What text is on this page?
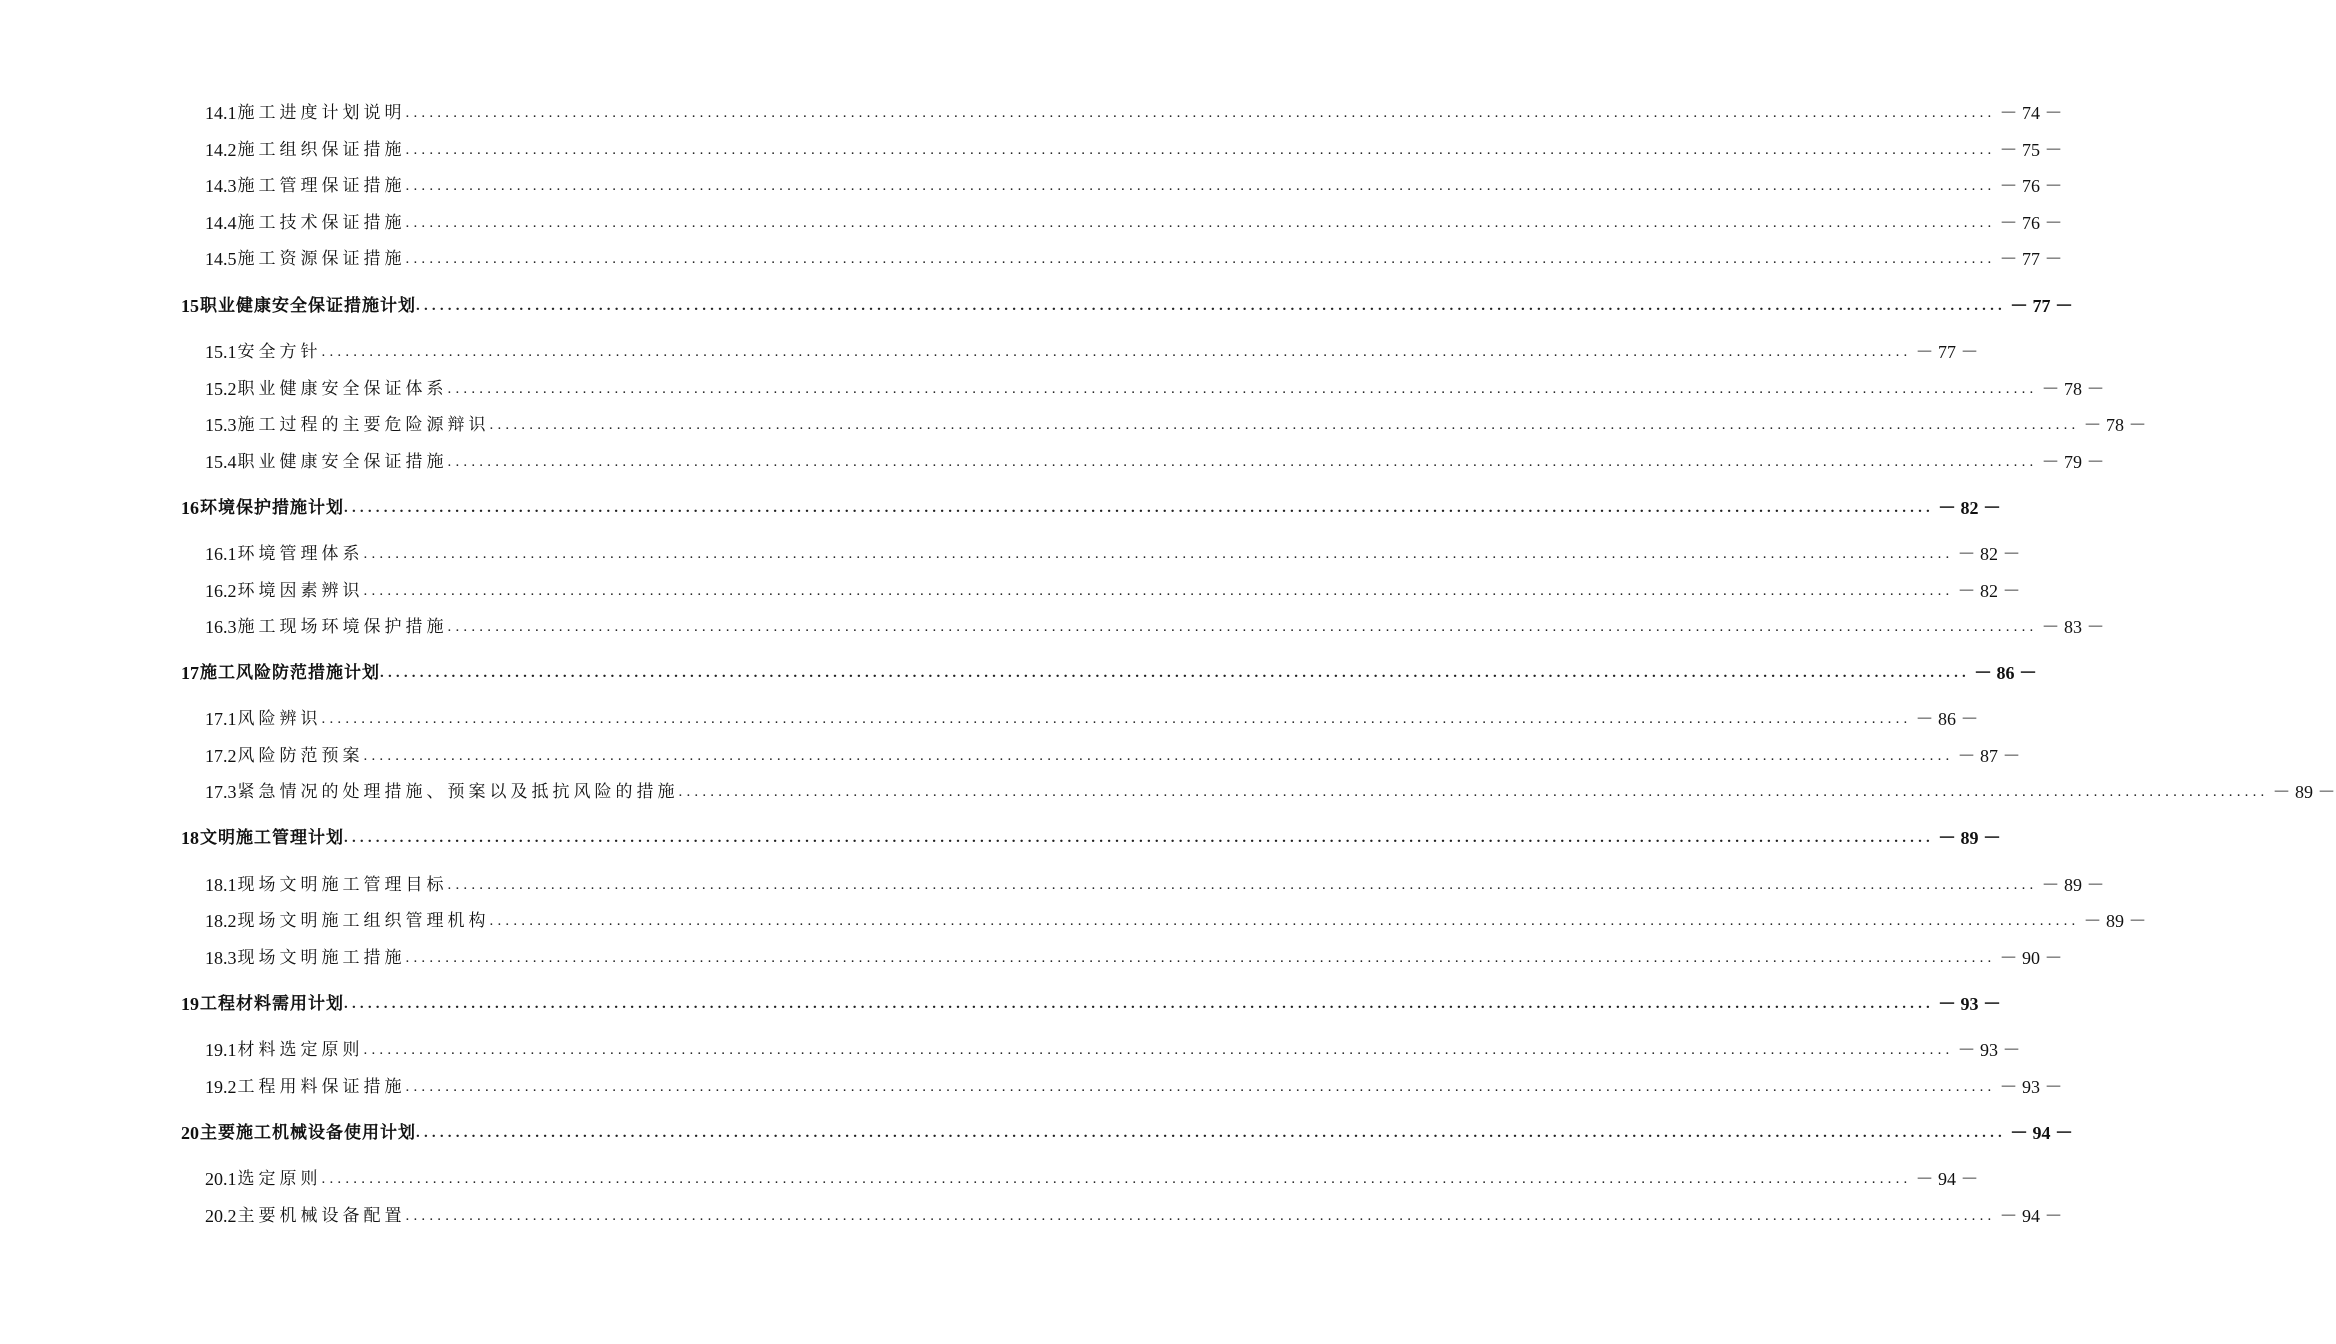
14.1 施工进度计划说明 ........................................................................................................................................................................................................ － 74 －
14.2 施工组织保证措施 ........................................................................................................................................................................................................ － 75 －
14.3 施工管理保证措施 ........................................................................................................................................................................................................ － 76 －
14.4 施工技术保证措施 ........................................................................................................................................................................................................ － 76 －
14.5 施工资源保证措施 ........................................................................................................................................................................................................ － 77 －
15 职业健康安全保证措施计划 ........................................................................................................................................................................................................ － 77 －
15.1 安全方针 ........................................................................................................................................................................................................ － 77 －
15.2 职业健康安全保证体系 ........................................................................................................................................................................................................ － 78 －
15.3 施工过程的主要危险源辩识 ........................................................................................................................................................................................................ － 78 －
15.4 职业健康安全保证措施 ........................................................................................................................................................................................................ － 79 －
16 环境保护措施计划 ........................................................................................................................................................................................................ － 82 －
16.1 环境管理体系 ........................................................................................................................................................................................................ － 82 －
16.2 环境因素辨识 ........................................................................................................................................................................................................ － 82 －
16.3 施工现场环境保护措施 ........................................................................................................................................................................................................ － 83 －
17 施工风险防范措施计划 ........................................................................................................................................................................................................ － 86 －
17.1 风险辨识 ........................................................................................................................................................................................................ － 86 －
17.2 风险防范预案 ........................................................................................................................................................................................................ － 87 －
17.3 紧急情况的处理措施、预案以及抵抗风险的措施 ........................................................................................................................................................................................................ － 89 －
18 文明施工管理计划 ........................................................................................................................................................................................................ － 89 －
18.1 现场文明施工管理目标 ........................................................................................................................................................................................................ － 89 －
18.2 现场文明施工组织管理机构 ........................................................................................................................................................................................................ － 89 －
18.3 现场文明施工措施 ........................................................................................................................................................................................................ － 90 －
19 工程材料需用计划 ........................................................................................................................................................................................................ － 93 －
19.1 材料选定原则 ........................................................................................................................................................................................................ － 93 －
19.2 工程用料保证措施 ........................................................................................................................................................................................................ － 93 －
20 主要施工机械设备使用计划 ........................................................................................................................................................................................................ － 94 －
20.1 选定原则 ........................................................................................................................................................................................................ － 94 －
20.2 主要机械设备配置 ........................................................................................................................................................................................................ － 94 －
